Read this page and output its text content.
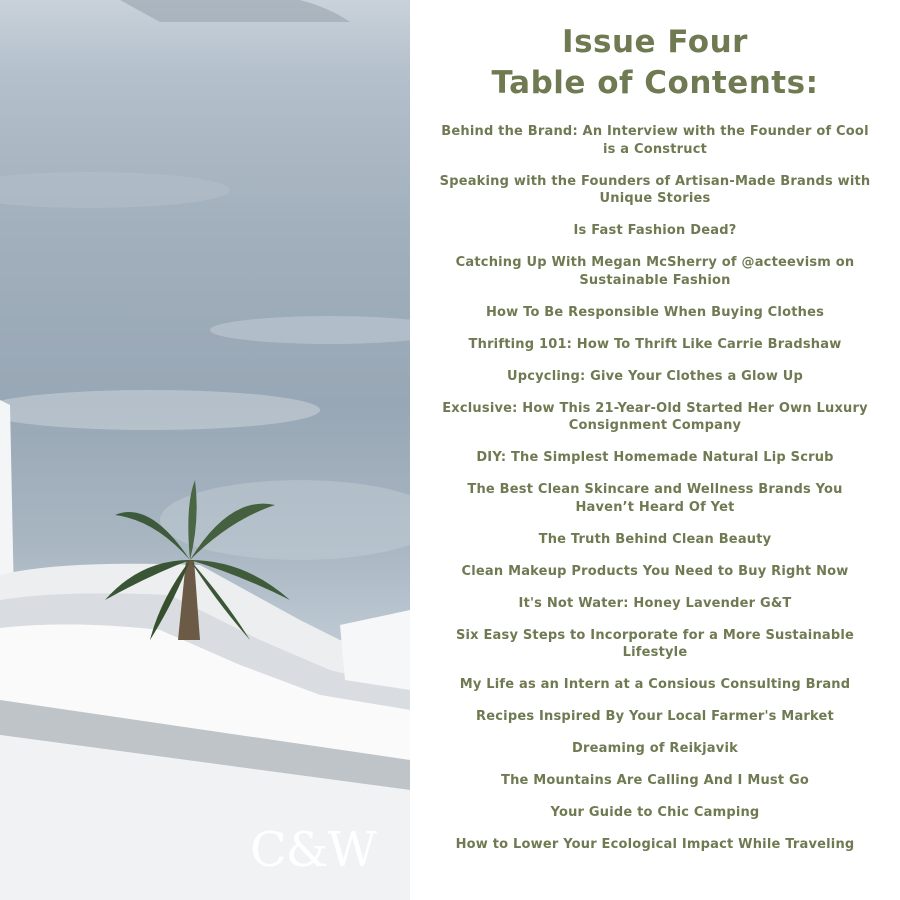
C&W
Issue Four
Table of Contents:
Behind the Brand: An Interview with the Founder of Cool is a Construct
Speaking with the Founders of Artisan-Made Brands with Unique Stories
Is Fast Fashion Dead?
Catching Up With Megan McSherry of @acteevism on Sustainable Fashion
How To Be Responsible When Buying Clothes
Thrifting 101: How To Thrift Like Carrie Bradshaw
Upcycling: Give Your Clothes a Glow Up
Exclusive: How This 21-Year-Old Started Her Own Luxury Consignment Company
DIY: The Simplest Homemade Natural Lip Scrub
The Best Clean Skincare and Wellness Brands You Haven’t Heard Of Yet
The Truth Behind Clean Beauty
Clean Makeup Products You Need to Buy Right Now
It's Not Water: Honey Lavender G&T
Six Easy Steps to Incorporate for a More Sustainable Lifestyle
My Life as an Intern at a Consious Consulting Brand
Recipes Inspired By Your Local Farmer's Market
Dreaming of Reikjavik
The Mountains Are Calling And I Must Go
Your Guide to Chic Camping
How to Lower Your Ecological Impact While Traveling
